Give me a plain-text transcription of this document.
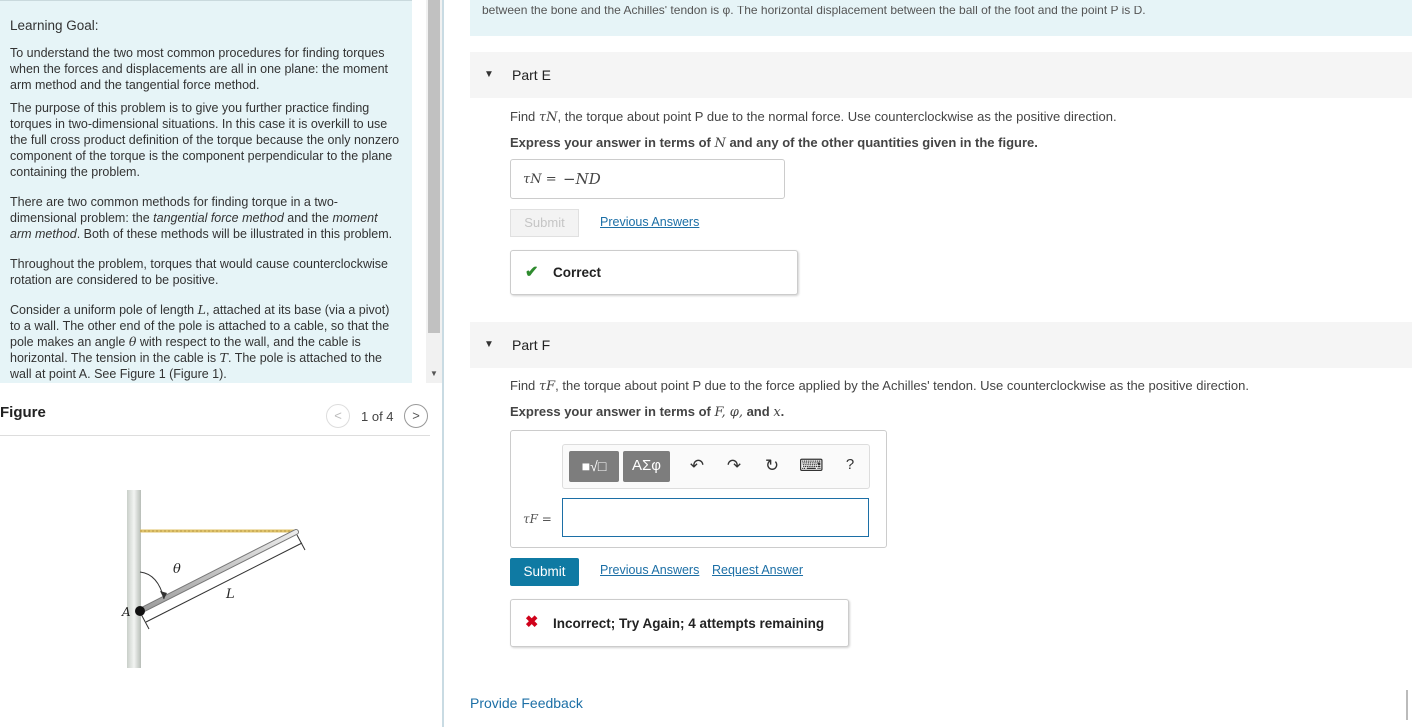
Learning Goal:

To understand the two most common procedures for finding torques when the forces and displacements are all in one plane: the moment arm method and the tangential force method.

The purpose of this problem is to give you further practice finding torques in two-dimensional situations. In this case it is overkill to use the full cross product definition of the torque because the only nonzero component of the torque is the component perpendicular to the plane containing the problem.

There are two common methods for finding torque in a two-dimensional problem: the tangential force method and the moment arm method. Both of these methods will be illustrated in this problem.

Throughout the problem, torques that would cause counterclockwise rotation are considered to be positive.

Consider a uniform pole of length L, attached at its base (via a pivot) to a wall. The other end of the pole is attached to a cable, so that the pole makes an angle θ with respect to the wall, and the cable is horizontal. The tension in the cable is T. The pole is attached to the wall at point A. See Figure 1 (Figure 1).	▼
Figure	<	1 of 4	>
θ
L
A
between the bone and the Achilles' tendon is φ. The horizontal displacement between the ball of the foot and the point P is D.
▼ Part E
Find τN, the torque about point P due to the normal force. Use counterclockwise as the positive direction.
Express your answer in terms of N and any of the other quantities given in the figure.
τN = −ND
Submit	Previous Answers
✔ Correct
▼ Part F
Find τF, the torque about point P due to the force applied by the Achilles' tendon. Use counterclockwise as the positive direction.
Express your answer in terms of F, φ, and x.
■√□	ΑΣφ	↶ ↷ ↻ ⌨	?
τF =
Submit	Previous Answers Request Answer
✖ Incorrect; Try Again; 4 attempts remaining
Provide Feedback
